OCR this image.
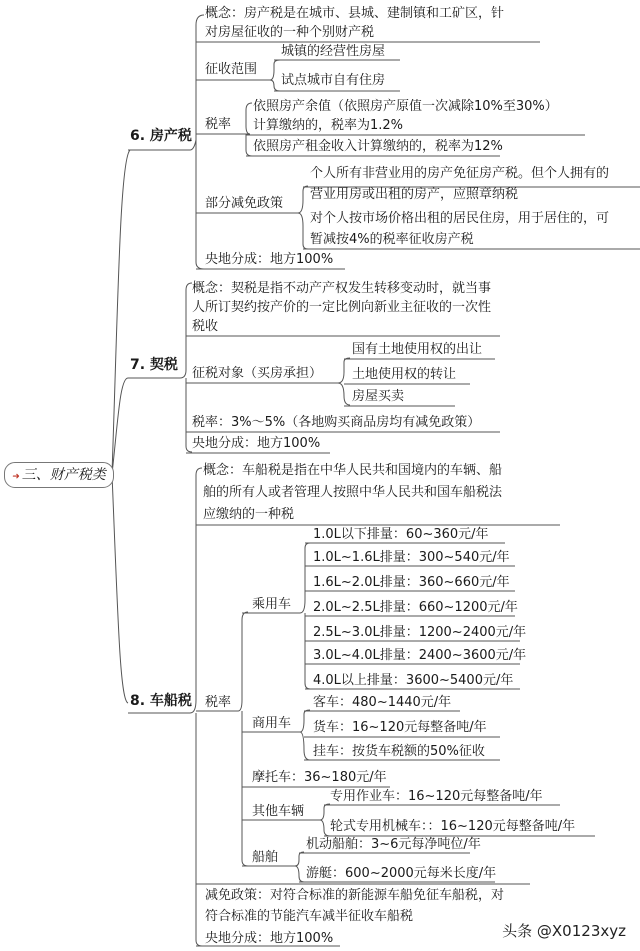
➜ 三、财产税类
6. 房产税
概念：房产税是在城市、县城、建制镇和工矿区，针
对房屋征收的一种个别财产税
征收范围
城镇的经营性房屋
试点城市自有住房
税率
依照房产余值（依照房产原值一次减除10%至30%）
计算缴纳的，税率为1.2%
依照房产租金收入计算缴纳的，税率为12%
部分减免政策
个人所有非营业用的房产免征房产税。但个人拥有的
营业用房或出租的房产，应照章纳税
对个人按市场价格出租的居民住房，用于居住的，可
暂减按4%的税率征收房产税
央地分成：地方100%
7. 契税
概念：契税是指不动产产权发生转移变动时，就当事
人所订契约按产价的一定比例向新业主征收的一次性
税收
征税对象（买房承担）
国有土地使用权的出让
土地使用权的转让
房屋买卖
税率：3%～5%（各地购买商品房均有减免政策）
央地分成：地方100%
8. 车船税
概念：车船税是指在中华人民共和国境内的车辆、船
舶的所有人或者管理人按照中华人民共和国车船税法
应缴纳的一种税
税率
乘用车
1.0L以下排量：60~360元/年
1.0L~1.6L排量：300~540元/年
1.6L~2.0L排量：360~660元/年
2.0L~2.5L排量：660~1200元/年
2.5L~3.0L排量：1200~2400元/年
3.0L~4.0L排量：2400~3600元/年
4.0L以上排量：3600~5400元/年
商用车
客车：480~1440元/年
货车：16~120元每整备吨/年
挂车：按货车税额的50%征收
摩托车：36~180元/年
其他车辆
专用作业车：16~120元每整备吨/年
轮式专用机械车：：16~120元每整备吨/年
船舶
机动船舶：3~6元每净吨位/年
游艇：600~2000元每米长度/年
减免政策：对符合标准的新能源车船免征车船税，对
符合标准的节能汽车减半征收车船税
央地分成：地方100%	头条 @X0123xyz
